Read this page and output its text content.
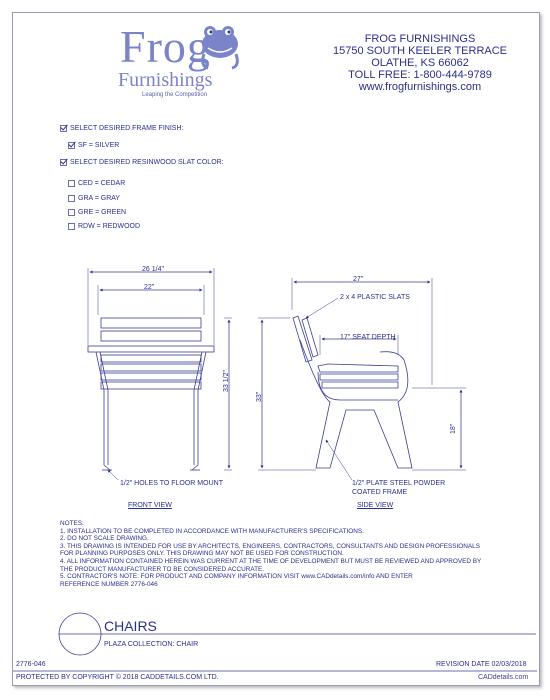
Frog
Furnishings
Leaping the Competition
FROG FURNISHINGS
15750 SOUTH KEELER TERRACE
OLATHE, KS 66062
TOLL FREE: 1-800-444-9789
www.frogfurnishings.com
SELECT DESIRED FRAME FINISH:
SF = SILVER
SELECT DESIRED RESINWOOD SLAT COLOR:
CED = CEDAR
GRA = GRAY
GRE = GREEN
RDW = REDWOOD
26 1/4"
22"
33 1/2"
1/2" HOLES TO FLOOR MOUNT
FRONT VIEW
27"
2 x 4 PLASTIC SLATS
17" SEAT DEPTH
33"
18"
1/2" PLATE STEEL POWDER
COATED FRAME
SIDE VIEW
NOTES:
1. INSTALLATION TO BE COMPLETED IN ACCORDANCE WITH MANUFACTURER'S SPECIFICATIONS.
2. DO NOT SCALE DRAWING.
3. THIS DRAWING IS INTENDED FOR USE BY ARCHITECTS, ENGINEERS, CONTRACTORS, CONSULTANTS AND DESIGN PROFESSIONALS
FOR PLANNING PURPOSES ONLY. THIS DRAWING MAY NOT BE USED FOR CONSTRUCTION.
4. ALL INFORMATION CONTAINED HEREIN WAS CURRENT AT THE TIME OF DEVELOPMENT BUT MUST BE REVIEWED AND APPROVED BY
THE PRODUCT MANUFACTURER TO BE CONSIDERED ACCURATE.
5. CONTRACTOR'S NOTE: FOR PRODUCT AND COMPANY INFORMATION VISIT www.CADdetails.com/info AND ENTER
REFERENCE NUMBER 2776-046
CHAIRS
PLAZA COLLECTION: CHAIR
2776-046	REVISION DATE 02/03/2018
PROTECTED BY COPYRIGHT © 2018 CADDETAILS.COM LTD.	CADdetails.com
